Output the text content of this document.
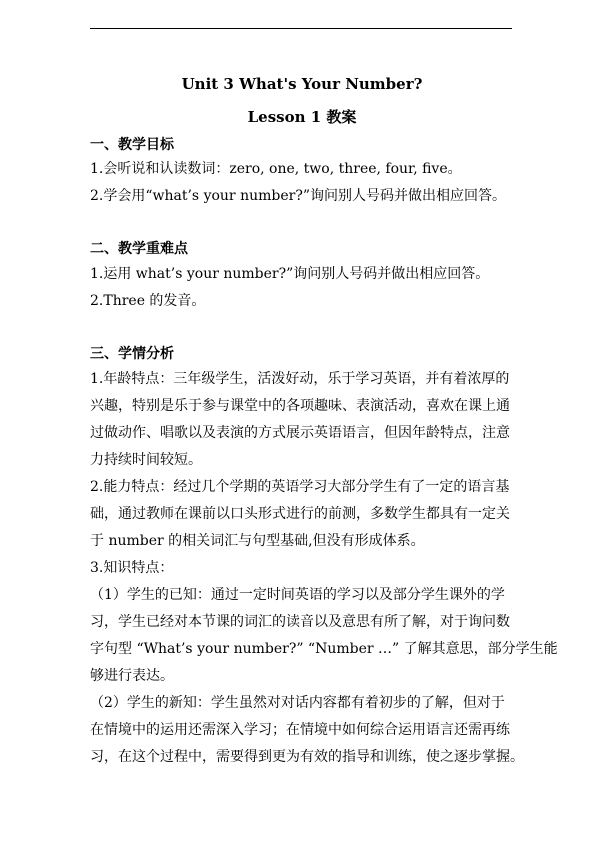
Unit 3 What's Your Number?
Lesson 1 教案
一、教学目标
1.会听说和认读数词：zero, one, two, three, four, five。
2.学会用“what’s your number?”询问别人号码并做出相应回答。
二、教学重难点
1.运用 what’s your number?”询问别人号码并做出相应回答。
2.Three 的发音。
三、学情分析
1.年龄特点：三年级学生，活泼好动，乐于学习英语，并有着浓厚的
兴趣，特别是乐于参与课堂中的各项趣味、表演活动，喜欢在课上通
过做动作、唱歌以及表演的方式展示英语语言，但因年龄特点，注意
力持续时间较短。
2.能力特点：经过几个学期的英语学习大部分学生有了一定的语言基
础，通过教师在课前以口头形式进行的前测，多数学生都具有一定关
于 number 的相关词汇与句型基础,但没有形成体系。
3.知识特点：
（1）学生的已知：通过一定时间英语的学习以及部分学生课外的学
习，学生已经对本节课的词汇的读音以及意思有所了解，对于询问数
字句型 “What’s your number?” “Number …” 了解其意思，部分学生能
够进行表达。
（2）学生的新知：学生虽然对对话内容都有着初步的了解，但对于
在情境中的运用还需深入学习；在情境中如何综合运用语言还需再练
习，在这个过程中，需要得到更为有效的指导和训练，使之逐步掌握。
